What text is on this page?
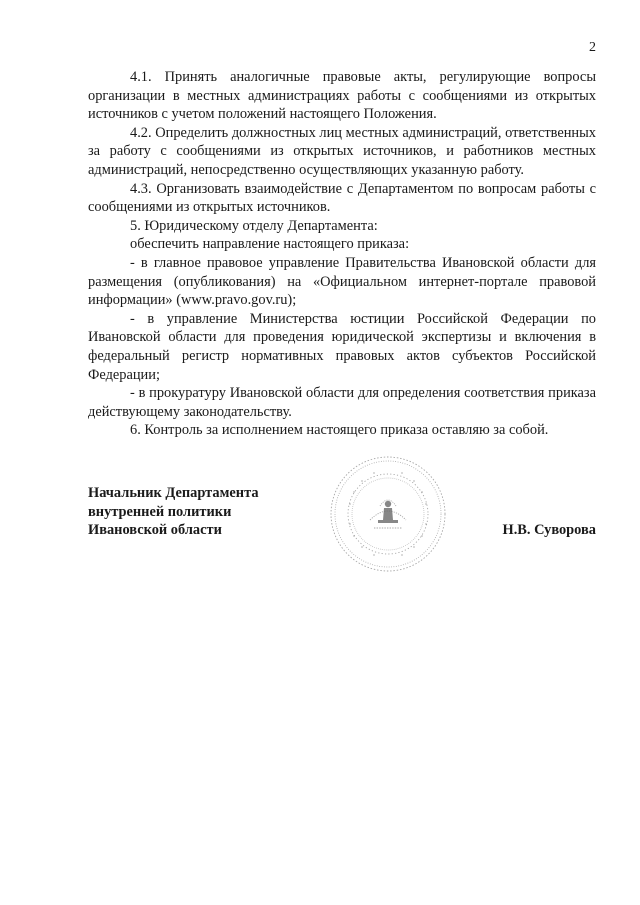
2

4.1. Принять аналогичные правовые акты, регулирующие вопросы организации в местных администрациях работы с сообщениями из открытых источников с учетом положений настоящего Положения.

4.2. Определить должностных лиц местных администраций, ответственных за работу с сообщениями из открытых источников, и работников местных администраций, непосредственно осуществляющих указанную работу.

4.3. Организовать взаимодействие с Департаментом по вопросам работы с сообщениями из открытых источников.

5. Юридическому отделу Департамента:

обеспечить направление настоящего приказа:

- в главное правовое управление Правительства Ивановской области для размещения (опубликования) на «Официальном интернет-портале правовой информации» (www.pravo.gov.ru);

- в управление Министерства юстиции Российской Федерации по Ивановской области для проведения юридической экспертизы и включения в федеральный регистр нормативных правовых актов субъектов Российской Федерации;

- в прокуратуру Ивановской области для определения соответствия приказа действующему законодательству.

6. Контроль за исполнением настоящего приказа оставляю за собой.

Начальник Департамента
внутренней политики
Ивановской области	Н.В. Суворова
